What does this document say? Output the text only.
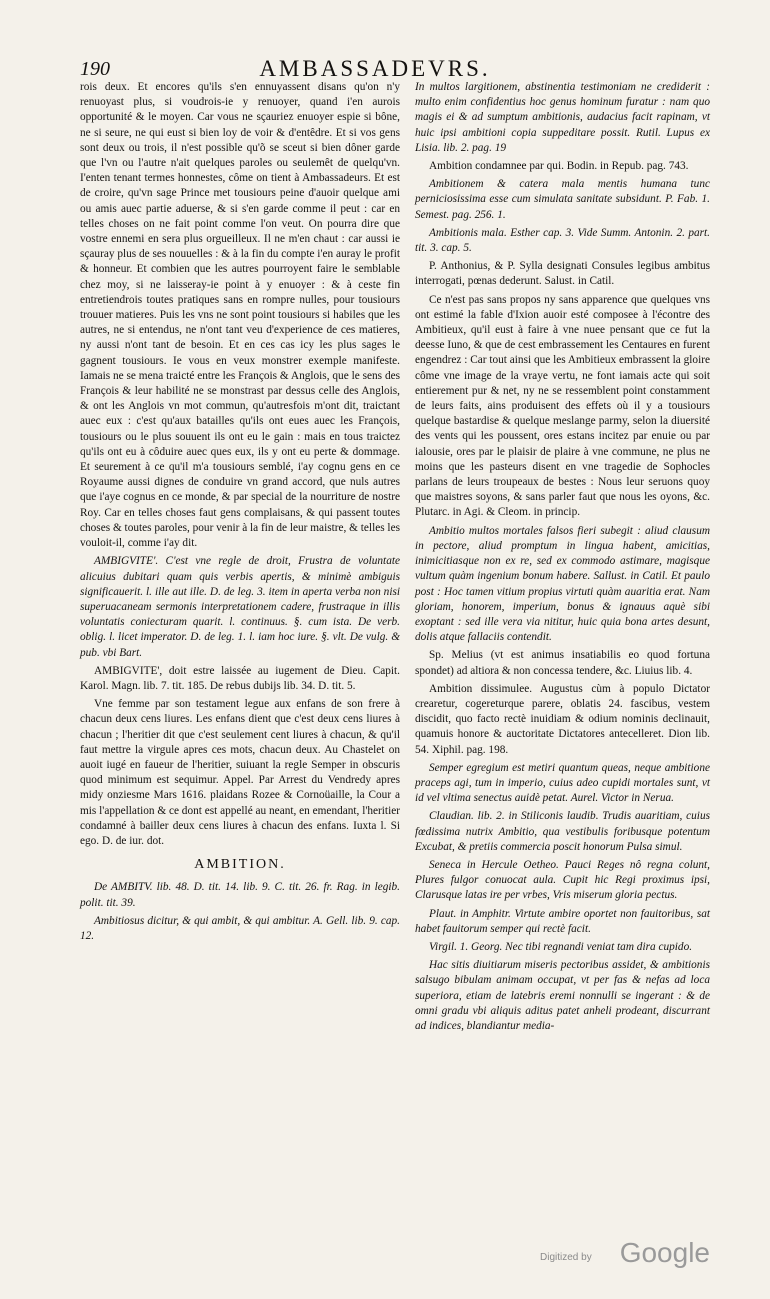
190	AMBASSADEVRS.

rois deux. Et encores qu'ils s'en ennuyassent disans qu'on n'y renuoyast plus, si voudrois-ie y renuoyer, quand i'en aurois opportunité & le moyen. Car vous ne sçauriez enuoyer espie si bône, ne si seure, ne qui eust si bien loy de voir & d'entêdre. Et si vos gens sont deux ou trois, il n'est possible qu'õ se sceut si bien dôner garde que l'vn ou l'autre n'ait quelques paroles ou seulemêt de quelqu'vn. I'enten tenant termes honnestes, côme on tient à Ambassadeurs. Et est de croire, qu'vn sage Prince met tousiours peine d'auoir quelque ami ou amis auec partie aduerse, & si s'en garde comme il peut : car en telles choses on ne fait point comme l'on veut. On pourra dire que vostre ennemi en sera plus orgueilleux. Il ne m'en chaut : car aussi ie sçauray plus de ses nouuelles : & à la fin du compte i'en auray le profit & honneur. Et combien que les autres pourroyent faire le semblable chez moy, si ne laisseray-ie point à y enuoyer : & à ceste fin entretiendrois toutes pratiques sans en rompre nulles, pour tousiours trouuer matieres. Puis les vns ne sont point tousiours si habiles que les autres, ne si entendus, ne n'ont tant veu d'experience de ces matieres, ny aussi n'ont tant de besoin. Et en ces cas icy les plus sages le gagnent tousiours. Ie vous en veux monstrer exemple manifeste. Iamais ne se mena traicté entre les François & Anglois, que le sens des François & leur habilité ne se monstrast par dessus celle des Anglois, & ont les Anglois vn mot commun, qu'autresfois m'ont dit, traictant auec eux : c'est qu'aux batailles qu'ils ont eues auec les François, tousiours ou le plus souuent ils ont eu le gain : mais en tous traictez qu'ils ont eu à côduire auec ques eux, ils y ont eu perte & dommage. Et seurement à ce qu'il m'a tousiours semblé, i'ay cognu gens en ce Royaume aussi dignes de conduire vn grand accord, que nuls autres que i'aye cognus en ce monde, & par special de la nourriture de nostre Roy. Car en telles choses faut gens complaisans, & qui passent toutes choses & toutes paroles, pour venir à la fin de leur maistre, & telles les vouloit-il, comme i'ay dit.

AMBIGVITE'. C'est vne regle de droit, Frustra de voluntate alicuius dubitari quam quis verbis apertis, & minimè ambiguis significauerit. l. ille aut ille. D. de leg. 3. item in aperta verba non nisi superuacaneam sermonis interpretationem cadere, frustraque in illis voluntatis coniecturam quarit. l. continuus. §. cum ista. De verb. oblig. l. licet imperator. D. de leg. 1. l. iam hoc iure. §. vlt. De vulg. & pub. vbi Bart.

AMBIGVITE', doit estre laissée au iugement de Dieu. Capit. Karol. Magn. lib. 7. tit. 185. De rebus dubijs lib. 34. D. tit. 5.

Vne femme par son testament legue aux enfans de son frere à chacun deux cens liures. Les enfans dient que c'est deux cens liures à chacun ; l'heritier dit que c'est seulement cent liures à chacun, & qu'il faut mettre la virgule apres ces mots, chacun deux. Au Chastelet on auoit iugé en faueur de l'heritier, suiuant la regle Semper in obscuris quod minimum est sequimur. Appel. Par Arrest du Vendredy apres midy onziesme Mars 1616. plaidans Rozee & Cornoüaille, la Cour a mis l'appellation & ce dont est appellé au neant, en emendant, l'heritier condamné à bailler deux cens liures à chacun des enfans. Iuxta l. Si ego. D. de iur. dot.

AMBITION.

De AMBITV. lib. 48. D. tit. 14. lib. 9. C. tit. 26. fr. Rag. in legib. polit. tit. 39.

Ambitiosus dicitur, & qui ambit, & qui ambitur. A. Gell. lib. 9. cap. 12.

In multos largitionem, abstinentia testimoniam ne crediderit : multo enim confidentius hoc genus hominum furatur : nam quo magis ei & ad sumptum ambitionis, audacius facit rapinam, vt huic ipsi ambitioni copia suppeditare possit. Rutil. Lupus ex Lisia. lib. 2. pag. 19

Ambition condamnee par qui. Bodin. in Repub. pag. 743.

Ambitionem & catera mala mentis humana tunc perniciosissima esse cum simulata sanitate subsidunt. P. Fab. 1. Semest. pag. 256. 1.

Ambitionis mala. Esther cap. 3. Vide Summ. Antonin. 2. part. tit. 3. cap. 5.

P. Anthonius, & P. Sylla designati Consules legibus ambitus interrogati, pœnas dederunt. Salust. in Catil.

Ce n'est pas sans propos ny sans apparence que quelques vns ont estimé la fable d'Ixion auoir esté composee à l'écontre des Ambitieux, qu'il eust à faire à vne nuee pensant que ce fut la deesse Iuno, & que de cest embrassement les Centaures en furent engendrez : Car tout ainsi que les Ambitieux embrassent la gloire côme vne image de la vraye vertu, ne font iamais acte qui soit entierement pur & net, ny ne se ressemblent point constamment de leurs faits, ains produisent des effets où il y a tousiours quelque bastardise & quelque meslange parmy, selon la diuersité des vents qui les poussent, ores estans incitez par enuie ou par ialousie, ores par le plaisir de plaire à vne commune, ne plus ne moins que les pasteurs disent en vne tragedie de Sophocles parlans de leurs troupeaux de bestes : Nous leur seruons quoy que maistres soyons, & sans parler faut que nous les oyons, &c. Plutarc. in Agi. & Cleom. in princip.

Ambitio multos mortales falsos fieri subegit : aliud clausum in pectore, aliud promptum in lingua habent, amicitias, inimicitiasque non ex re, sed ex commodo astimare, magisque vultum quàm ingenium bonum habere. Sallust. in Catil. Et paulo post : Hoc tamen vitium propius virtuti quàm auaritia erat. Nam gloriam, honorem, imperium, bonus & ignauus aquè sibi exoptant : sed ille vera via nititur, huic quia bona artes desunt, dolis atque fallaciis contendit.

Sp. Melius (vt est animus insatiabilis eo quod fortuna spondet) ad altiora & non concessa tendere, &c. Liuius lib. 4.

Ambition dissimulee. Augustus cùm à populo Dictator crearetur, cogereturque parere, oblatis 24. fascibus, vestem discidit, quo facto rectè inuidiam & odium nominis declinauit, quamuis honore & auctoritate Dictatores antecelleret. Dion lib. 54. Xiphil. pag. 198.

Semper egregium est metiri quantum queas, neque ambitione praceps agi, tum in imperio, cuius adeo cupidi mortales sunt, vt id vel vltima senectus auidè petat. Aurel. Victor in Nerua.

Claudian. lib. 2. in Stiliconis laudib. Trudis auaritiam, cuius fœdissima nutrix Ambitio, qua vestibulis foribusque potentum Excubat, & pretiis commercia poscit honorum Pulsa simul.

Seneca in Hercule Oetheo. Pauci Reges nô regna colunt, Plures fulgor conuocat aula. Cupit hic Regi proximus ipsi, Clarusque latas ire per vrbes, Vris miserum gloria pectus.

Plaut. in Amphitr. Virtute ambire oportet non fauitoribus, sat habet fauitorum semper qui rectè facit.

Virgil. 1. Georg. Nec tibi regnandi veniat tam dira cupido.

Hac sitis diuitiarum miseris pectoribus assidet, & ambitionis salsugo bibulam animam occupat, vt per fas & nefas ad loca superiora, etiam de latebris eremi nonnulli se ingerant : & de omni gradu vbi aliquis aditus patet anheli prodeant, discurrant ad indices, blandiantur media-

Digitized by Google
